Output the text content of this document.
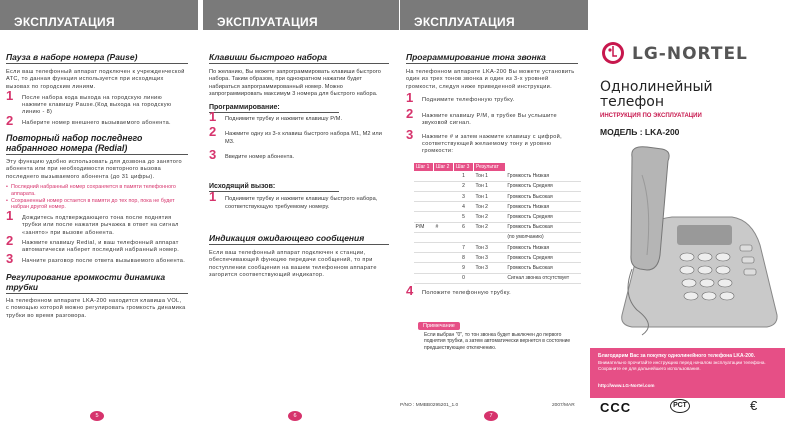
ЭКСПЛУАТАЦИЯ
Пауза в наборе номера (Pause)
Если ваш телефонный аппарат подключен к учрежденческой АТС, то данная функция используется при исходящих вызовах по городским линиям.
1 После набора кода выхода на городскую линию нажмите клавишу Pause.(Код выхода на городскую линию - 8)
2 Наберите номер внешнего вызываемого абонента.
Повторный набор последнего набранного номера (Redial)
Эту функцию удобно использовать для дозвона до занятого абонента или при необходимости повторного вызова последнего вызываемого абонента (до 31 цифры).
• Последний набранный номер сохраняется в памяти телефонного аппарата.
• Сохраненный номер остается в памяти до тех пор, пока не будет набран другой номер.
1 Дождитесь подтверждающего тона после поднятия трубки или после нажатия рычажка в ответ на сигнал «занято» при вызове абонента.
2 Нажмите клавишу Redial, и ваш телефонный аппарат автоматически наберет последний набранный номер.
3 Начните разговор после ответа вызываемого абонента.
Регулирование громкости динамика трубки
На телефонном аппарате LKA-200 находится клавиша VOL, с помощью которой можно регулировать громкость динамика трубки во время разговора.
5
ЭКСПЛУАТАЦИЯ
Клавиши быстрого набора
По желанию, Вы можете запрограммировать клавиши быстрого набора. Таким образом, при однократном нажатии будет набираться запрограммированный номер. Можно запрограммировать максимум 3 номера для быстрого набора.
Программирование:
1 Поднимите трубку и нажмите клавишу P/M.
2 Нажмите одну из 3-х клавиш быстрого набора M1, M2 или M3.
3 Введите номер абонента.
Исходящий вызов:
1 Поднимите трубку и нажмите клавишу быстрого набора, соответствующую требуемому номеру.
Индикация ожидающего сообщения
Если ваш телефонный аппарат подключен к станции, обеспечивающей функцию передачи сообщений, то при поступлении сообщения на вашем телефонном аппарате загорится соответствующий индикатор.
6
ЭКСПЛУАТАЦИЯ
Программирование тона звонка
На телефонном аппарате LKA-200 Вы можете установить один из трех тонов звонка и один из 3-х уровней громкости, следуя ниже приведенной инструкции.
1 Поднимите телефонную трубку.
2 Нажмите клавишу P/M, в трубке Вы услышите звуковой сигнал.
3 Нажмите # и затем нажмите клавишу с цифрой, соответствующей желаемому тону и уровню громкости:
Шаг 1	Шаг 2	Шаг 3	Результат	
		1	Тон 1	Громкость Низкая
		2	Тон 1	Громкость Средняя
		3	Тон 1	Громкость Высокая
		4	Тон 2	Громкость Низкая
		5	Тон 2	Громкость Средняя
P/M	#	6	Тон 2	Громкость Высокая
				(по умолчанию)
		7	Тон 3	Громкость Низкая
		8	Тон 3	Громкость Средняя
		9	Тон 3	Громкость Высокая
		0		Сигнал звонка отсутствует
4 Положите телефонную трубку.
Примечание
Если выбран "0", то тон звонка будет выключен до первого поднятия трубки, а затем автоматически вернется в состояние предшествующее отключению.
P/NO : MMBB0295201_1.0	2007/MAR
7
LG-NORTEL
Однолинейный
телефон
ИНСТРУКЦИЯ ПО ЭКСПЛУАТАЦИИ
МОДЕЛЬ : LKA-200
Благодарим Вас за покупку однолинейного телефона LKA-200.
Внимательно прочитайте инструкцию перед началом эксплуатации телефона.
Сохраните ее для дальнейшего использования.
http://www.LG-Nortel.com
ССС	РСТ	€
